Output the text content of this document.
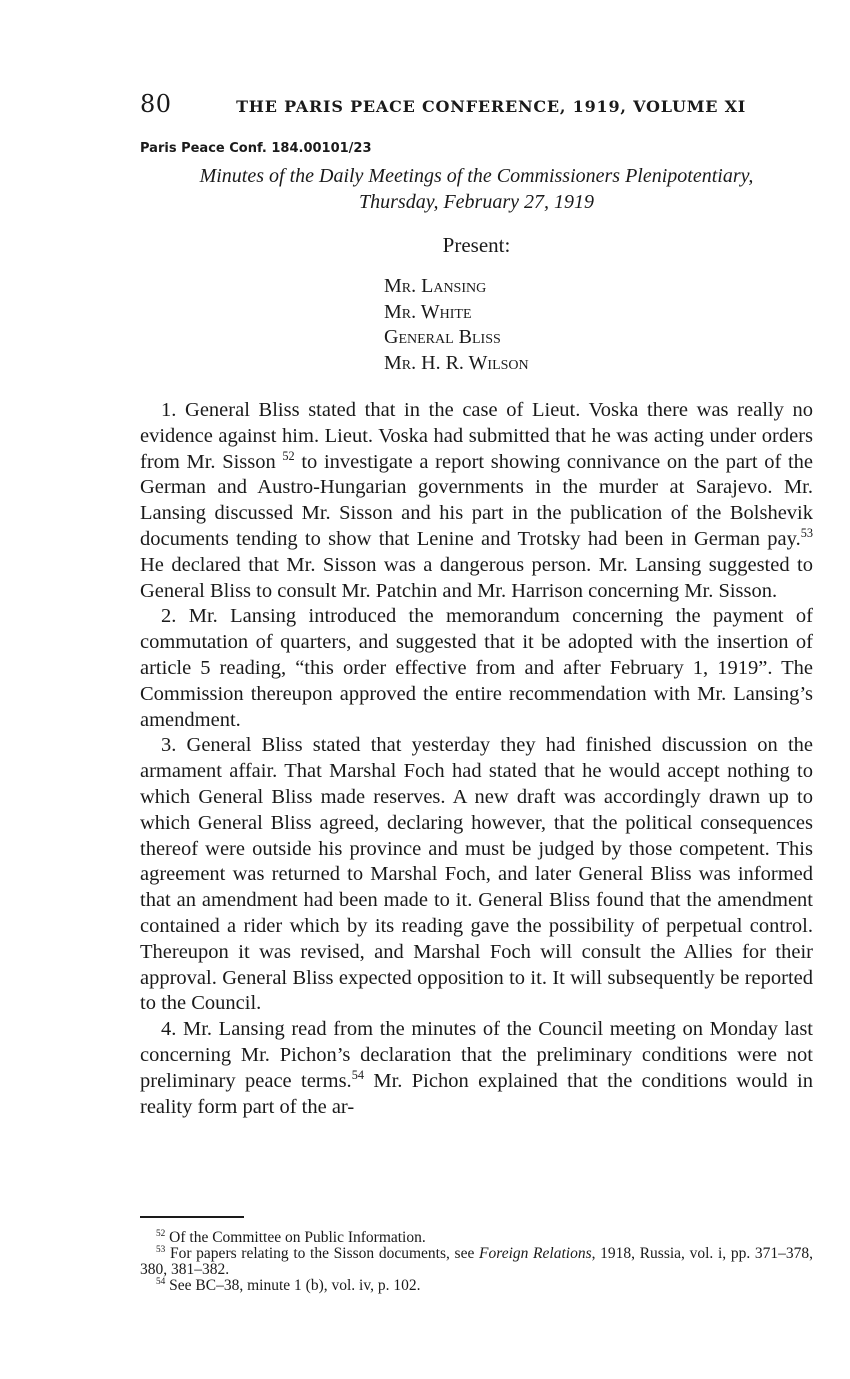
80	THE PARIS PEACE CONFERENCE, 1919, VOLUME XI
Paris Peace Conf. 184.00101/23
Minutes of the Daily Meetings of the Commissioners Plenipotentiary,
Thursday, February 27, 1919
Present:
Mr. Lansing
Mr. White
General Bliss
Mr. H. R. Wilson

1. General Bliss stated that in the case of Lieut. Voska there was really no evidence against him. Lieut. Voska had submitted that he was acting under orders from Mr. Sisson $^{52}$ to investigate a report showing connivance on the part of the German and Austro-Hungarian governments in the murder at Sarajevo. Mr. Lansing discussed Mr. Sisson and his part in the publication of the Bolshevik documents tending to show that Lenine and Trotsky had been in German pay.$^{53}$ He declared that Mr. Sisson was a dangerous person. Mr. Lansing suggested to General Bliss to consult Mr. Patchin and Mr. Harrison concerning Mr. Sisson.

2. Mr. Lansing introduced the memorandum concerning the payment of commutation of quarters, and suggested that it be adopted with the insertion of article 5 reading, “this order effective from and after February 1, 1919”. The Commission thereupon approved the entire recommendation with Mr. Lansing’s amendment.

3. General Bliss stated that yesterday they had finished discussion on the armament affair. That Marshal Foch had stated that he would accept nothing to which General Bliss made reserves. A new draft was accordingly drawn up to which General Bliss agreed, declaring however, that the political consequences thereof were outside his province and must be judged by those competent. This agreement was returned to Marshal Foch, and later General Bliss was informed that an amendment had been made to it. General Bliss found that the amendment contained a rider which by its reading gave the possibility of perpetual control. Thereupon it was revised, and Marshal Foch will consult the Allies for their approval. General Bliss expected opposition to it. It will subsequently be reported to the Council.

4. Mr. Lansing read from the minutes of the Council meeting on Monday last concerning Mr. Pichon’s declaration that the preliminary conditions were not preliminary peace terms.$^{54}$ Mr. Pichon explained that the conditions would in reality form part of the ar-

$^{52}$ Of the Committee on Public Information.

$^{53}$ For papers relating to the Sisson documents, see Foreign Relations, 1918, Russia, vol. i, pp. 371–378, 380, 381–382.

$^{54}$ See BC–38, minute 1 (b), vol. iv, p. 102.
